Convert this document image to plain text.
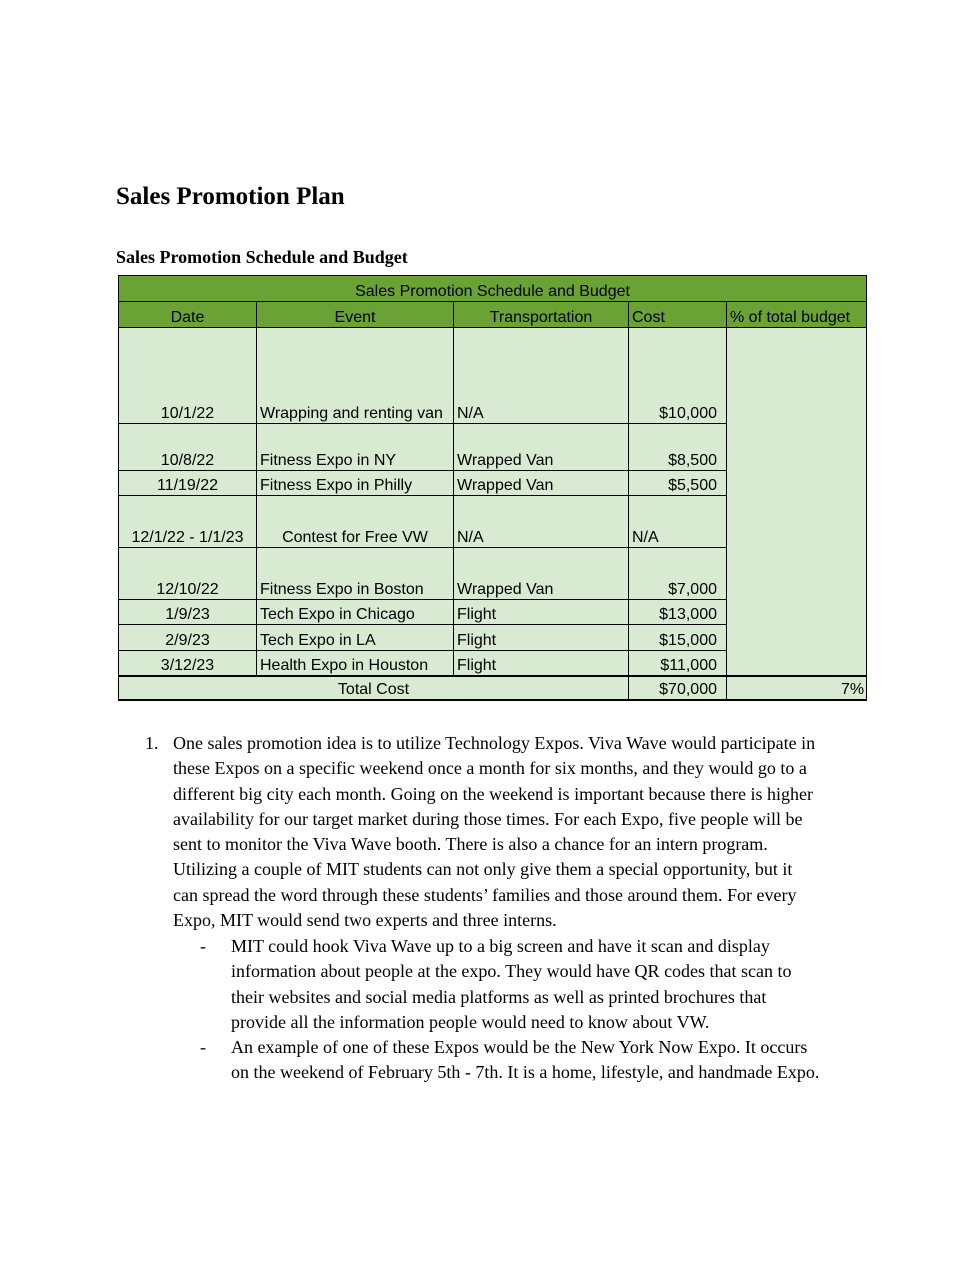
Sales Promotion Plan
Sales Promotion Schedule and Budget
Sales Promotion Schedule and Budget				
Date	Event	Transportation	Cost	% of total budget
10/1/22	Wrapping and renting van	N/A	$10,000	
10/8/22	Fitness Expo in NY	Wrapped Van	$8,500	
11/19/22	Fitness Expo in Philly	Wrapped Van	$5,500	
12/1/22 - 1/1/23	Contest for Free VW	N/A	N/A	
12/10/22	Fitness Expo in Boston	Wrapped Van	$7,000	
1/9/23	Tech Expo in Chicago	Flight	$13,000	
2/9/23	Tech Expo in LA	Flight	$15,000	
3/12/23	Health Expo in Houston	Flight	$11,000	
Total Cost			$70,000	7%
1. One sales promotion idea is to utilize Technology Expos. Viva Wave would participate in
these Expos on a specific weekend once a month for six months, and they would go to a
different big city each month. Going on the weekend is important because there is higher
availability for our target market during those times. For each Expo, five people will be
sent to monitor the Viva Wave booth. There is also a chance for an intern program.
Utilizing a couple of MIT students can not only give them a special opportunity, but it
can spread the word through these students’ families and those around them. For every
Expo, MIT would send two experts and three interns.
- MIT could hook Viva Wave up to a big screen and have it scan and display
information about people at the expo. They would have QR codes that scan to
their websites and social media platforms as well as printed brochures that
provide all the information people would need to know about VW.
- An example of one of these Expos would be the New York Now Expo. It occurs
on the weekend of February 5th - 7th. It is a home, lifestyle, and handmade Expo.
